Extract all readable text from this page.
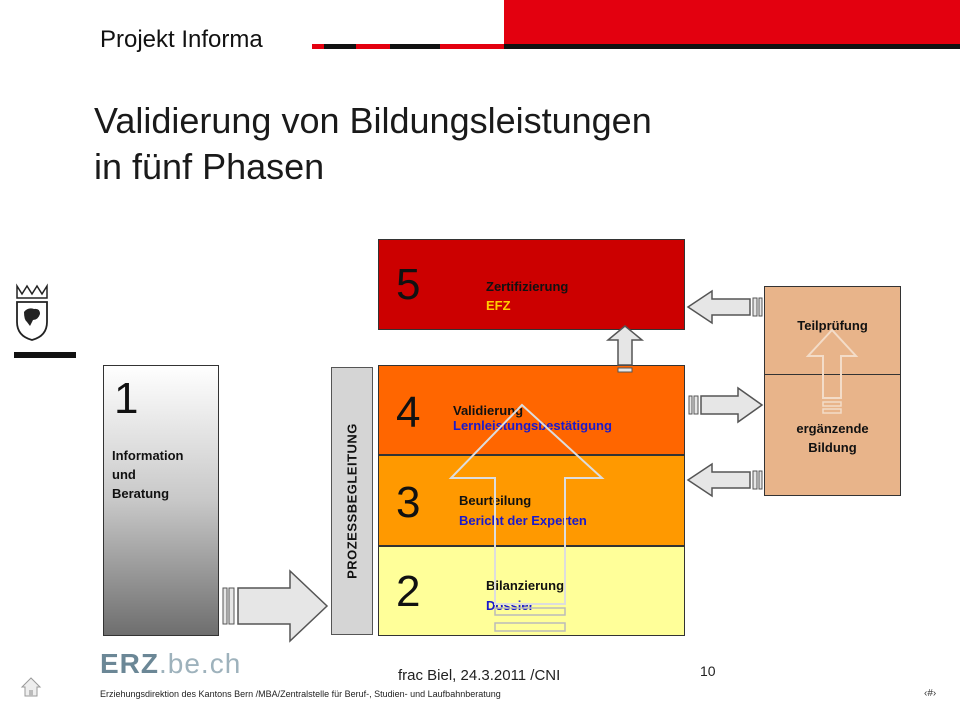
Projekt Informa
Validierung von Bildungsleistungen
in fünf Phasen
1
Information
und
Beratung	PROZESSBEGLEITUNG
5	Zertifizierung
EFZ
4	Validierung
Lernleistungsbestätigung
3	Beurteilung
Bericht der Experten
2	Bilanzierung
Dossier
Teilprüfung
ergänzende
Bildung
ERZ.be.ch	frac Biel, 24.3.2011 /CNI	10
Erziehungsdirektion des Kantons Bern /MBA/Zentralstelle für Beruf-, Studien- und Laufbahnberatung	‹#›
